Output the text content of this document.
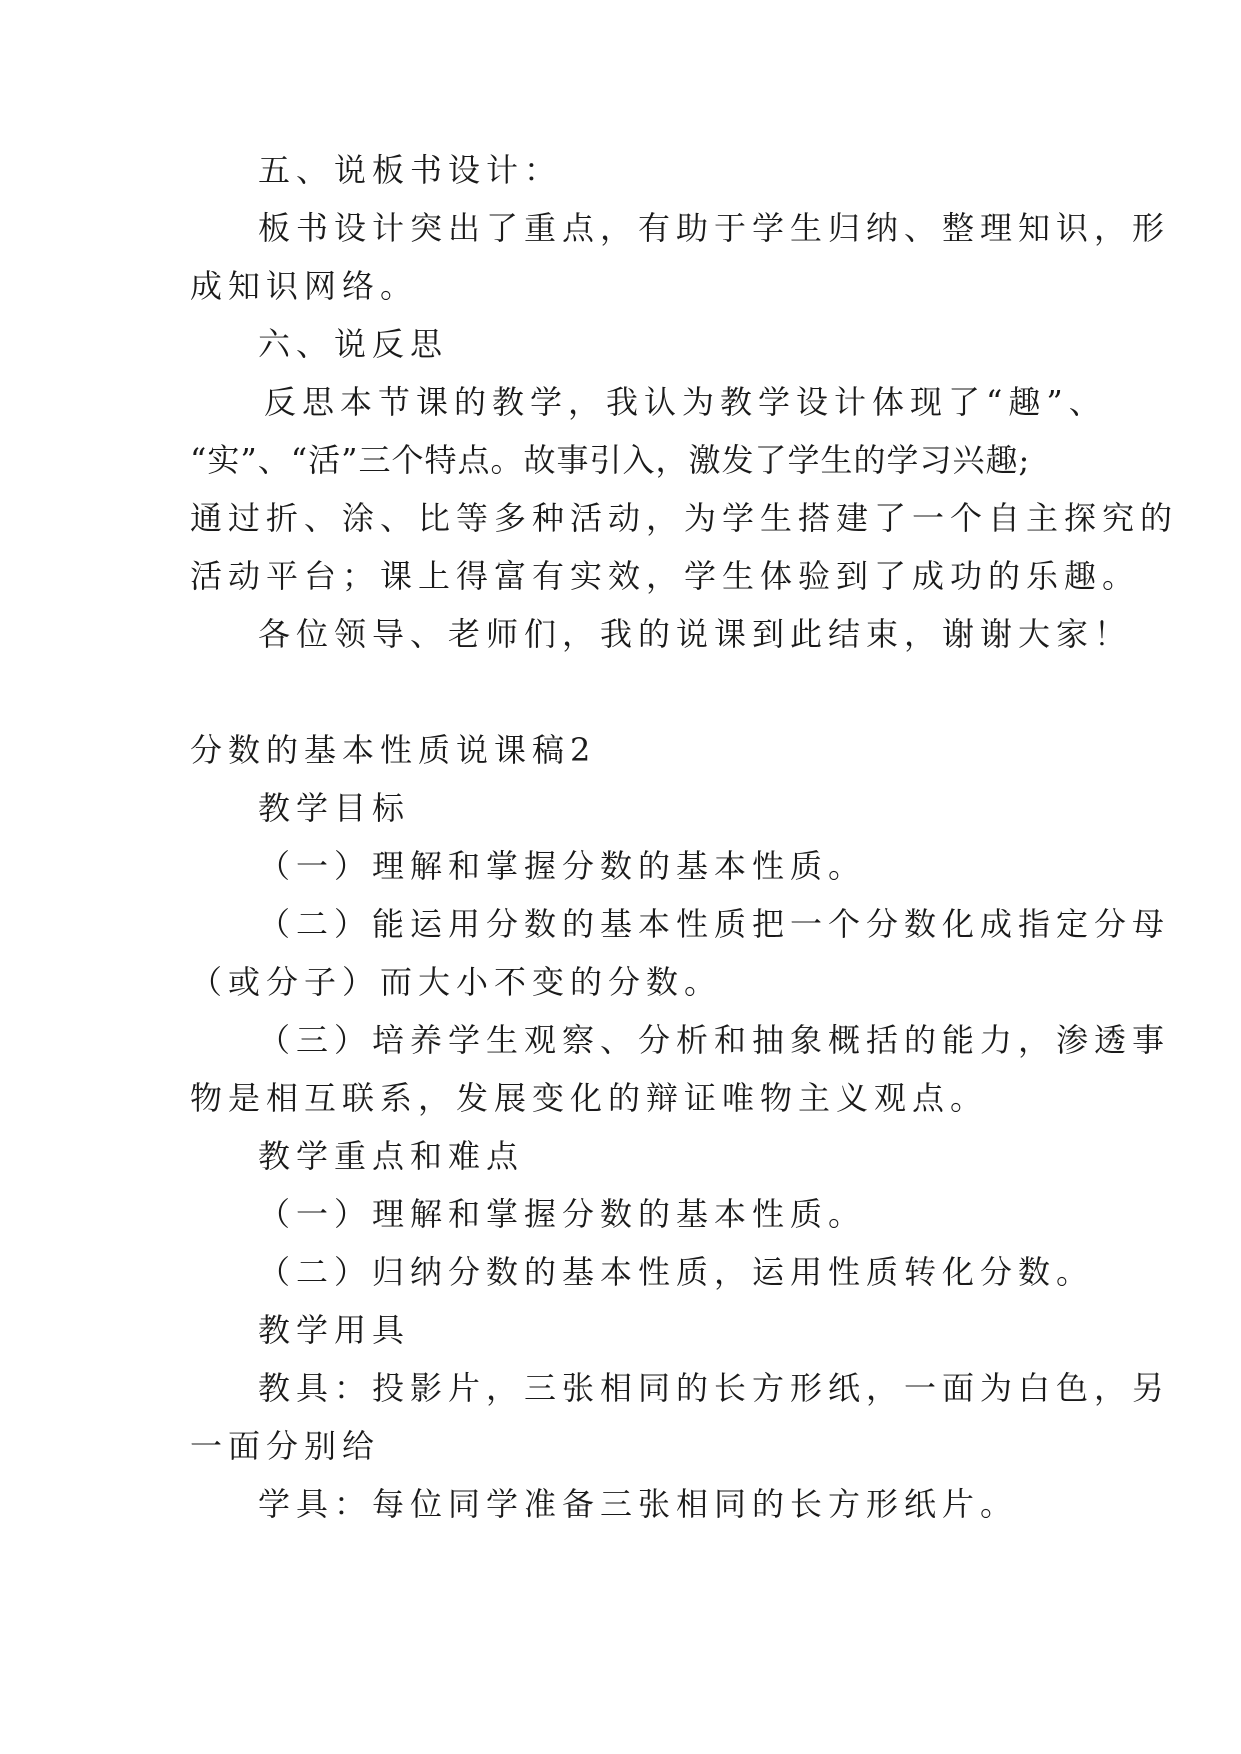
五、说板书设计：
板书设计突出了重点，有助于学生归纳、整理知识，形
成知识网络。
六、说反思
反思本节课的教学，我认为教学设计体现了“趣”、
“实”、“活”三个特点。故事引入，激发了学生的学习兴趣;
通过折、涂、比等多种活动，为学生搭建了一个自主探究的
活动平台；课上得富有实效，学生体验到了成功的乐趣。
各位领导、老师们，我的说课到此结束，谢谢大家！
分数的基本性质说课稿2
教学目标
（一）理解和掌握分数的基本性质。
（二）能运用分数的基本性质把一个分数化成指定分母
（或分子）而大小不变的分数。
（三）培养学生观察、分析和抽象概括的能力，渗透事
物是相互联系，发展变化的辩证唯物主义观点。
教学重点和难点
（一）理解和掌握分数的基本性质。
（二）归纳分数的基本性质，运用性质转化分数。
教学用具
教具：投影片，三张相同的长方形纸，一面为白色，另
一面分别给
学具：每位同学准备三张相同的长方形纸片。
